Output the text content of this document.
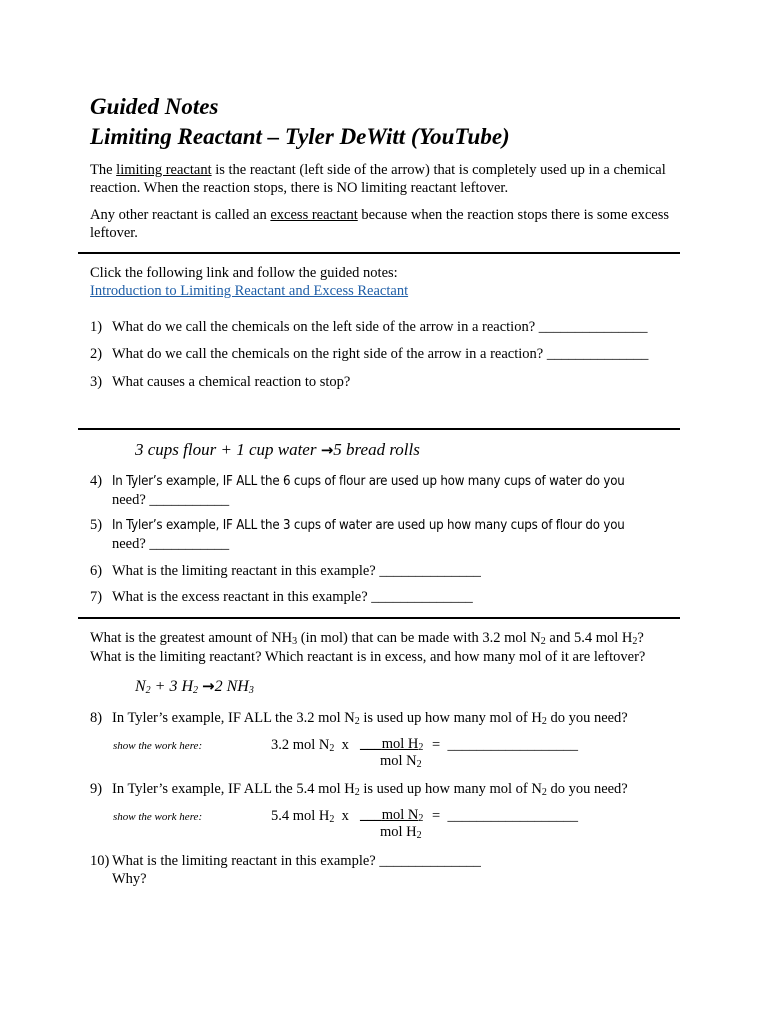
Guided Notes
Limiting Reactant – Tyler DeWitt (YouTube)
The limiting reactant is the reactant (left side of the arrow) that is completely used up in a chemical reaction. When the reaction stops, there is NO limiting reactant leftover.
Any other reactant is called an excess reactant because when the reaction stops there is some excess leftover.
Click the following link and follow the guided notes:
Introduction to Limiting Reactant and Excess Reactant
1) What do we call the chemicals on the left side of the arrow in a reaction? _______________
2) What do we call the chemicals on the right side of the arrow in a reaction? ______________
3) What causes a chemical reaction to stop?
3 cups flour + 1 cup water →5 bread rolls
4) In Tyler’s example, IF ALL the 6 cups of flour are used up how many cups of water do you
need? ___________
5) In Tyler’s example, IF ALL the 3 cups of water are used up how many cups of flour do you
need? ___________
6) What is the limiting reactant in this example? ______________
7) What is the excess reactant in this example? ______________
What is the greatest amount of $NH_3$ (in mol) that can be made with 3.2 mol $N_2$ and 5.4 mol $H_2$?
What is the limiting reactant? Which reactant is in excess, and how many mol of it are leftover?
$N_2 + 3$ $H_2 \to 2$ $NH_3$
8) In Tyler’s example, IF ALL the 3.2 mol $N_2$ is used up how many mol of $H_2$ do you need?
show the work here:	3.2 mol $N_2$ x ___mol $H_2$
mol $N_2$
= __________________
9) In Tyler’s example, IF ALL the 5.4 mol $H_2$ is used up how many mol of $N_2$ do you need?
show the work here:	5.4 mol $H_2$ x ___mol $N_2$
mol $H_2$
= __________________
10) What is the limiting reactant in this example? ______________
Why?
